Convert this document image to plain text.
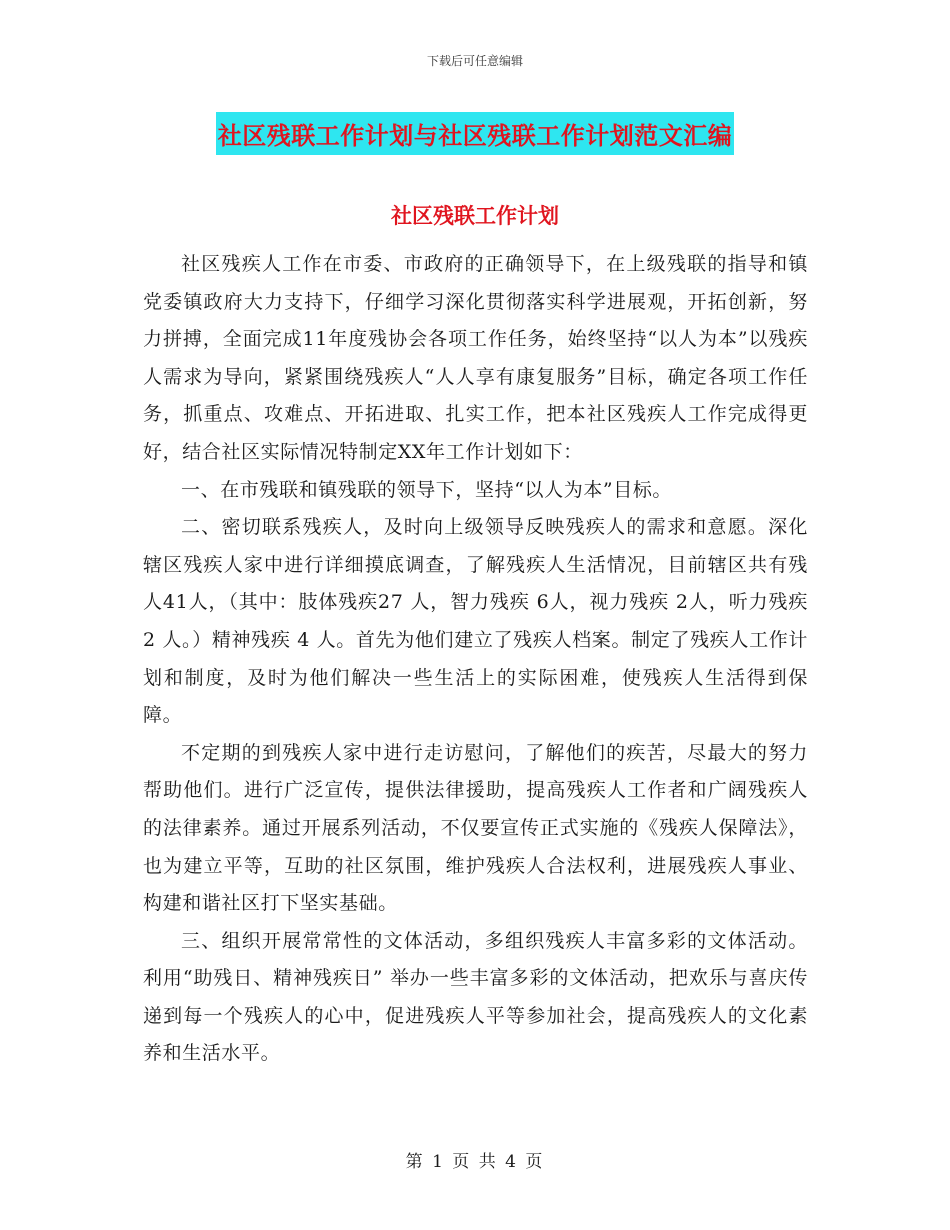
下载后可任意编辑
社区残联工作计划与社区残联工作计划范文汇编
社区残联工作计划

社区残疾人工作在市委、市政府的正确领导下，在上级残联的指导和镇党委镇政府大力支持下，仔细学习深化贯彻落实科学进展观，开拓创新，努力拼搏，全面完成11年度残协会各项工作任务，始终坚持“以人为本”以残疾人需求为导向，紧紧围绕残疾人“人人享有康复服务”目标，确定各项工作任务，抓重点、攻难点、开拓进取、扎实工作，把本社区残疾人工作完成得更好，结合社区实际情况特制定XX年工作计划如下：

一、在市残联和镇残联的领导下，坚持“以人为本”目标。

二、密切联系残疾人，及时向上级领导反映残疾人的需求和意愿。深化辖区残疾人家中进行详细摸底调查，了解残疾人生活情况，目前辖区共有残人41人，（其中：肢体残疾27 人，智力残疾 6人，视力残疾 2人，听力残疾2 人。）精神残疾 4 人。首先为他们建立了残疾人档案。制定了残疾人工作计划和制度，及时为他们解决一些生活上的实际困难，使残疾人生活得到保障。

不定期的到残疾人家中进行走访慰问，了解他们的疾苦，尽最大的努力帮助他们。进行广泛宣传，提供法律援助，提高残疾人工作者和广阔残疾人的法律素养。通过开展系列活动，不仅要宣传正式实施的《残疾人保障法》，也为建立平等，互助的社区氛围，维护残疾人合法权利，进展残疾人事业、构建和谐社区打下坚实基础。

三、组织开展常常性的文体活动，多组织残疾人丰富多彩的文体活动。利用“助残日、精神残疾日” 举办一些丰富多彩的文体活动，把欢乐与喜庆传递到每一个残疾人的心中，促进残疾人平等参加社会，提高残疾人的文化素养和生活水平。

第 1 页 共 4 页
